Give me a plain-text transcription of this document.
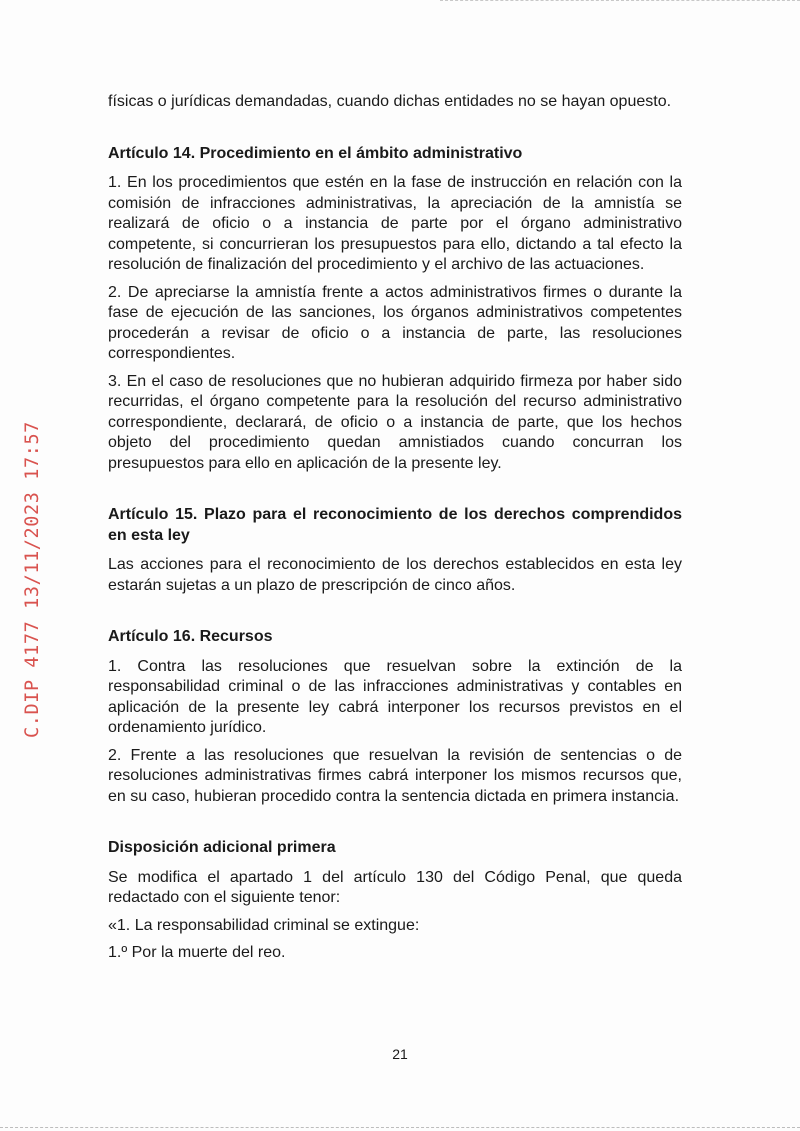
C.DIP 4177 13/11/2023 17:57

físicas o jurídicas demandadas, cuando dichas entidades no se hayan opuesto.

Artículo 14. Procedimiento en el ámbito administrativo

1. En los procedimientos que estén en la fase de instrucción en relación con la comisión de infracciones administrativas, la apreciación de la amnistía se realizará de oficio o a instancia de parte por el órgano administrativo competente, si concurrieran los presupuestos para ello, dictando a tal efecto la resolución de finalización del procedimiento y el archivo de las actuaciones.

2. De apreciarse la amnistía frente a actos administrativos firmes o durante la fase de ejecución de las sanciones, los órganos administrativos competentes procederán a revisar de oficio o a instancia de parte, las resoluciones correspondientes.

3. En el caso de resoluciones que no hubieran adquirido firmeza por haber sido recurridas, el órgano competente para la resolución del recurso administrativo correspondiente, declarará, de oficio o a instancia de parte, que los hechos objeto del procedimiento quedan amnistiados cuando concurran los presupuestos para ello en aplicación de la presente ley.

Artículo 15. Plazo para el reconocimiento de los derechos comprendidos en esta ley

Las acciones para el reconocimiento de los derechos establecidos en esta ley estarán sujetas a un plazo de prescripción de cinco años.

Artículo 16. Recursos

1. Contra las resoluciones que resuelvan sobre la extinción de la responsabilidad criminal o de las infracciones administrativas y contables en aplicación de la presente ley cabrá interponer los recursos previstos en el ordenamiento jurídico.

2. Frente a las resoluciones que resuelvan la revisión de sentencias o de resoluciones administrativas firmes cabrá interponer los mismos recursos que, en su caso, hubieran procedido contra la sentencia dictada en primera instancia.

Disposición adicional primera

Se modifica el apartado 1 del artículo 130 del Código Penal, que queda redactado con el siguiente tenor:

«1. La responsabilidad criminal se extingue:

1.º Por la muerte del reo.

21
